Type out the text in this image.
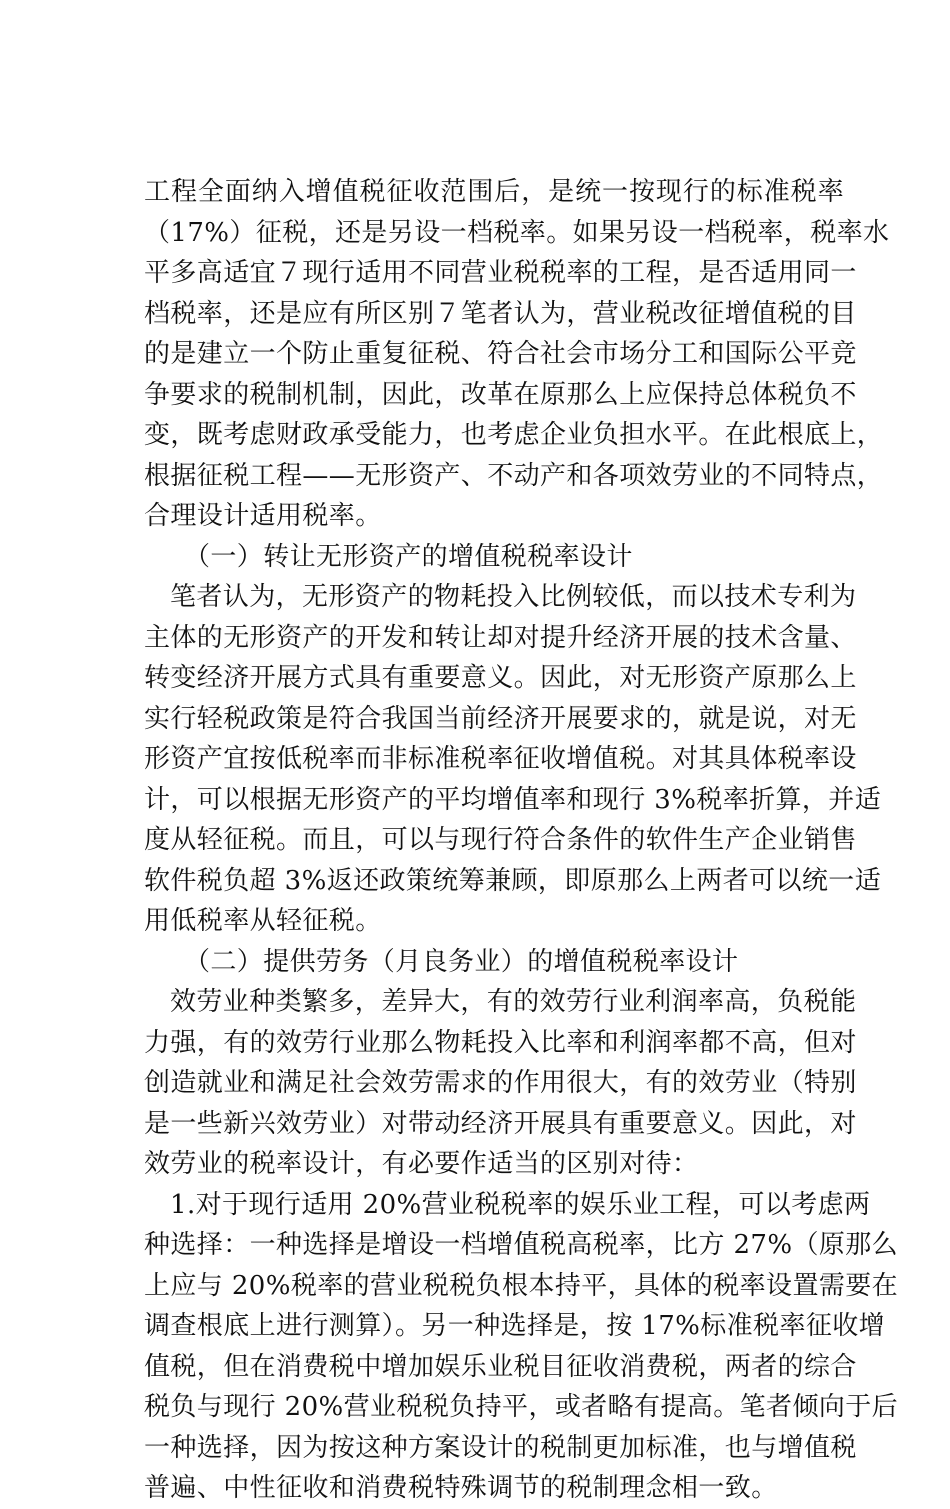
工程全面纳入增值税征收范围后，是统一按现行的标准税率
（17%）征税，还是另设一档税率。如果另设一档税率，税率水
平多高适宜７现行适用不同营业税税率的工程，是否适用同一
档税率，还是应有所区别７笔者认为，营业税改征增值税的目
的是建立一个防止重复征税、符合社会市场分工和国际公平竞
争要求的税制机制，因此，改革在原那么上应保持总体税负不
变，既考虑财政承受能力，也考虑企业负担水平。在此根底上，
根据征税工程——无形资产、不动产和各项效劳业的不同特点，
合理设计适用税率。
（一）转让无形资产的增值税税率设计
笔者认为，无形资产的物耗投入比例较低，而以技术专利为
主体的无形资产的开发和转让却对提升经济开展的技术含量、
转变经济开展方式具有重要意义。因此，对无形资产原那么上
实行轻税政策是符合我国当前经济开展要求的，就是说，对无
形资产宜按低税率而非标准税率征收增值税。对其具体税率设
计，可以根据无形资产的平均增值率和现行 3%税率折算，并适
度从轻征税。而且，可以与现行符合条件的软件生产企业销售
软件税负超 3%返还政策统筹兼顾，即原那么上两者可以统一适
用低税率从轻征税。
（二）提供劳务（月良务业）的增值税税率设计
效劳业种类繁多，差异大，有的效劳行业利润率高，负税能
力强，有的效劳行业那么物耗投入比率和利润率都不高，但对
创造就业和满足社会效劳需求的作用很大，有的效劳业（特别
是一些新兴效劳业）对带动经济开展具有重要意义。因此，对
效劳业的税率设计，有必要作适当的区别对待：
1.对于现行适用 20%营业税税率的娱乐业工程，可以考虑两
种选择：一种选择是增设一档增值税高税率，比方 27%（原那么
上应与 20%税率的营业税税负根本持平，具体的税率设置需要在
调查根底上进行测算）。另一种选择是，按 17%标准税率征收增
值税，但在消费税中增加娱乐业税目征收消费税，两者的综合
税负与现行 20%营业税税负持平，或者略有提高。笔者倾向于后
一种选择，因为按这种方案设计的税制更加标准，也与增值税
普遍、中性征收和消费税特殊调节的税制理念相一致。
